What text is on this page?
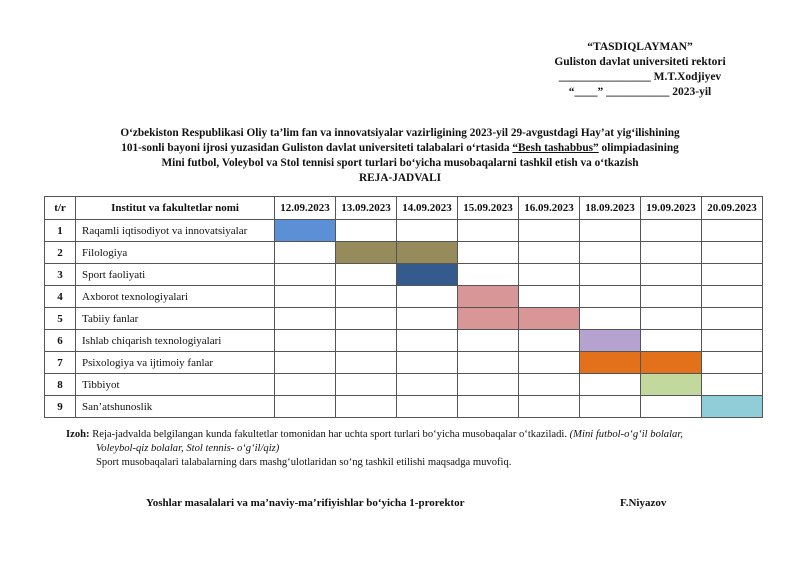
“TASDIQLAYMAN”
Guliston davlat universiteti rektori
________________ M.T.Xodjiyev
“____” ___________ 2023-yil
O‘zbekiston Respublikasi Oliy ta’lim fan va innovatsiyalar vazirligining 2023-yil 29-avgustdagi Hay’at yig‘ilishining
101-sonli bayoni ijrosi yuzasidan Guliston davlat universiteti talabalari o‘rtasida “Besh tashabbus” olimpiadasining
Mini futbol, Voleybol va Stol tennisi sport turlari bo‘yicha musobaqalarni tashkil etish va o‘tkazish
REJA-JADVALI
t/r	Institut va fakultetlar nomi	12.09.2023	13.09.2023	14.09.2023	15.09.2023	16.09.2023	18.09.2023	19.09.2023	20.09.2023
1	Raqamli iqtisodiyot va innovatsiyalar	

2	Filologiya		

3	Sport faoliyati			

4	Axborot texnologiyalari				

5	Tabiiy fanlar				

6	Ishlab chiqarish texnologiyalari						

7	Psixologiya va ijtimoiy fanlar						

8	Tibbiyot							

9	San’atshunoslik								
Izoh: Reja-jadvalda belgilangan kunda fakultetlar tomonidan har uchta sport turlari bo‘yicha musobaqalar o‘tkaziladi. (Mini futbol-o‘g‘il bolalar,
Voleybol-qiz bolalar, Stol tennis- o‘g‘il/qiz)
Sport musobaqalari talabalarning dars mashg‘ulotlaridan so‘ng tashkil etilishi maqsadga muvofiq.
Yoshlar masalalari va ma’naviy-ma’rifiyishlar bo‘yicha 1-prorektor	F.Niyazov
